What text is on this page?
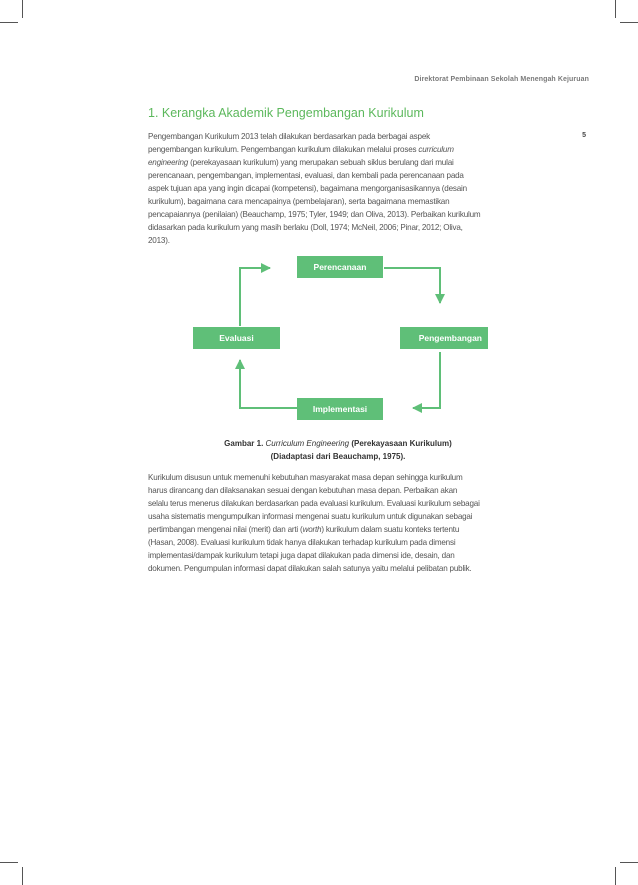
Direktorat Pembinaan Sekolah Menengah Kejuruan
5
1. Kerangka Akademik Pengembangan Kurikulum
Pengembangan Kurikulum 2013 telah dilakukan berdasarkan pada berbagai aspek
pengembangan kurikulum. Pengembangan kurikulum dilakukan melalui proses curriculum
engineering (perekayasaan kurikulum) yang merupakan sebuah siklus berulang dari mulai
perencanaan, pengembangan, implementasi, evaluasi, dan kembali pada perencanaan pada
aspek tujuan apa yang ingin dicapai (kompetensi), bagaimana mengorganisasikannya (desain
kurikulum), bagaimana cara mencapainya (pembelajaran), serta bagaimana memastikan
pencapaiannya (penilaian) (Beauchamp, 1975; Tyler, 1949; dan Oliva, 2013). Perbaikan kurikulum
didasarkan pada kurikulum yang masih berlaku (Doll, 1974; McNeil, 2006; Pinar, 2012; Oliva,
2013).
Perencanaan
Pengembangan
Implementasi
Evaluasi
Gambar 1. Curriculum Engineering (Perekayasaan Kurikulum)
(Diadaptasi dari Beauchamp, 1975).
Kurikulum disusun untuk memenuhi kebutuhan masyarakat masa depan sehingga kurikulum
harus dirancang dan dilaksanakan sesuai dengan kebutuhan masa depan. Perbaikan akan
selalu terus menerus dilakukan berdasarkan pada evaluasi kurikulum. Evaluasi kurikulum sebagai
usaha sistematis mengumpulkan informasi mengenai suatu kurikulum untuk digunakan sebagai
pertimbangan mengenai nilai (merit) dan arti (worth) kurikulum dalam suatu konteks tertentu
(Hasan, 2008). Evaluasi kurikulum tidak hanya dilakukan terhadap kurikulum pada dimensi
implementasi/dampak kurikulum tetapi juga dapat dilakukan pada dimensi ide, desain, dan
dokumen. Pengumpulan informasi dapat dilakukan salah satunya yaitu melalui pelibatan publik.
